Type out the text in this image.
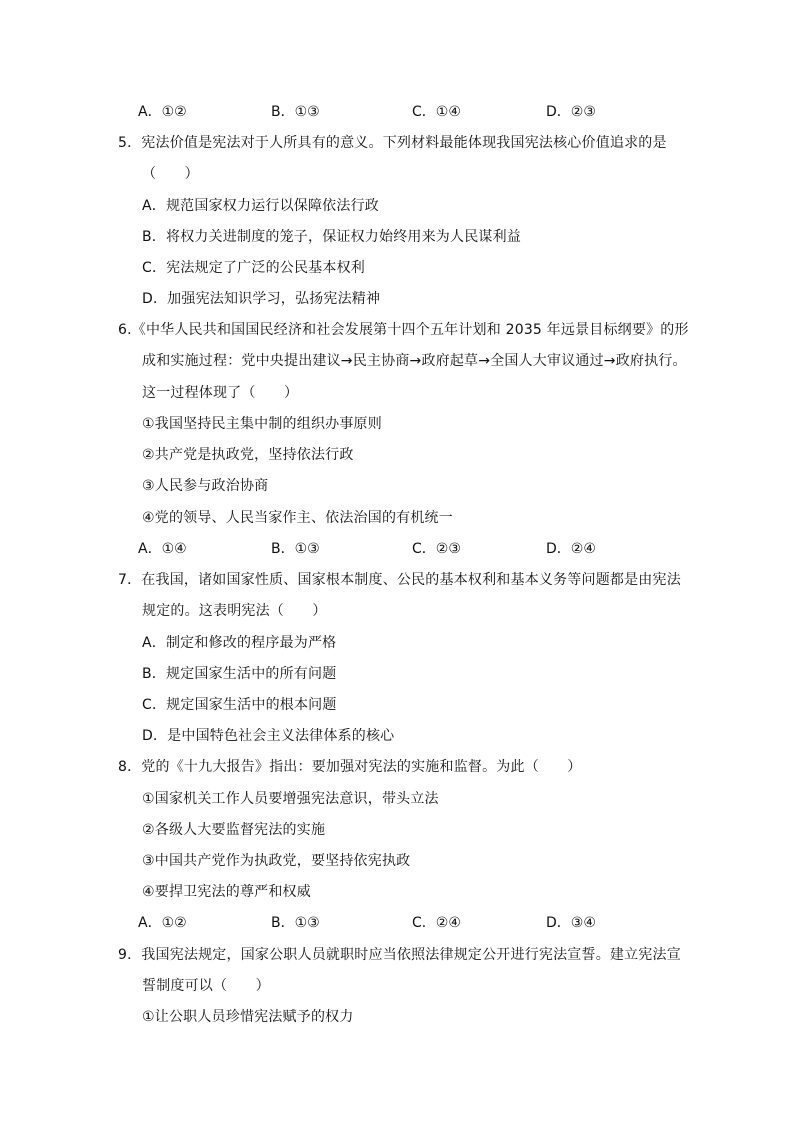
A．①②	B．①③	C．①④	D．②③
5．宪法价值是宪法对于人所具有的意义。下列材料最能体现我国宪法核心价值追求的是
（　　）
A．规范国家权力运行以保障依法行政
B．将权力关进制度的笼子，保证权力始终用来为人民谋利益
C．宪法规定了广泛的公民基本权利
D．加强宪法知识学习，弘扬宪法精神
6.《中华人民共和国国民经济和社会发展第十四个五年计划和 2035 年远景目标纲要》的形
成和实施过程：党中央提出建议→民主协商→政府起草→全国人大审议通过→政府执行。
这一过程体现了（　　）
①我国坚持民主集中制的组织办事原则
②共产党是执政党，坚持依法行政
③人民参与政治协商
④党的领导、人民当家作主、依法治国的有机统一
A．①④	B．①③	C．②③	D．②④
7．在我国，诸如国家性质、国家根本制度、公民的基本权利和基本义务等问题都是由宪法
规定的。这表明宪法（　　）
A．制定和修改的程序最为严格
B．规定国家生活中的所有问题
C．规定国家生活中的根本问题
D．是中国特色社会主义法律体系的核心
8．党的《十九大报告》指出：要加强对宪法的实施和监督。为此（　　）
①国家机关工作人员要增强宪法意识，带头立法
②各级人大要监督宪法的实施
③中国共产党作为执政党，要坚持依宪执政
④要捍卫宪法的尊严和权威
A．①②	B．①③	C．②④	D．③④
9．我国宪法规定，国家公职人员就职时应当依照法律规定公开进行宪法宣誓。建立宪法宣
誓制度可以（　　）
①让公职人员珍惜宪法赋予的权力
